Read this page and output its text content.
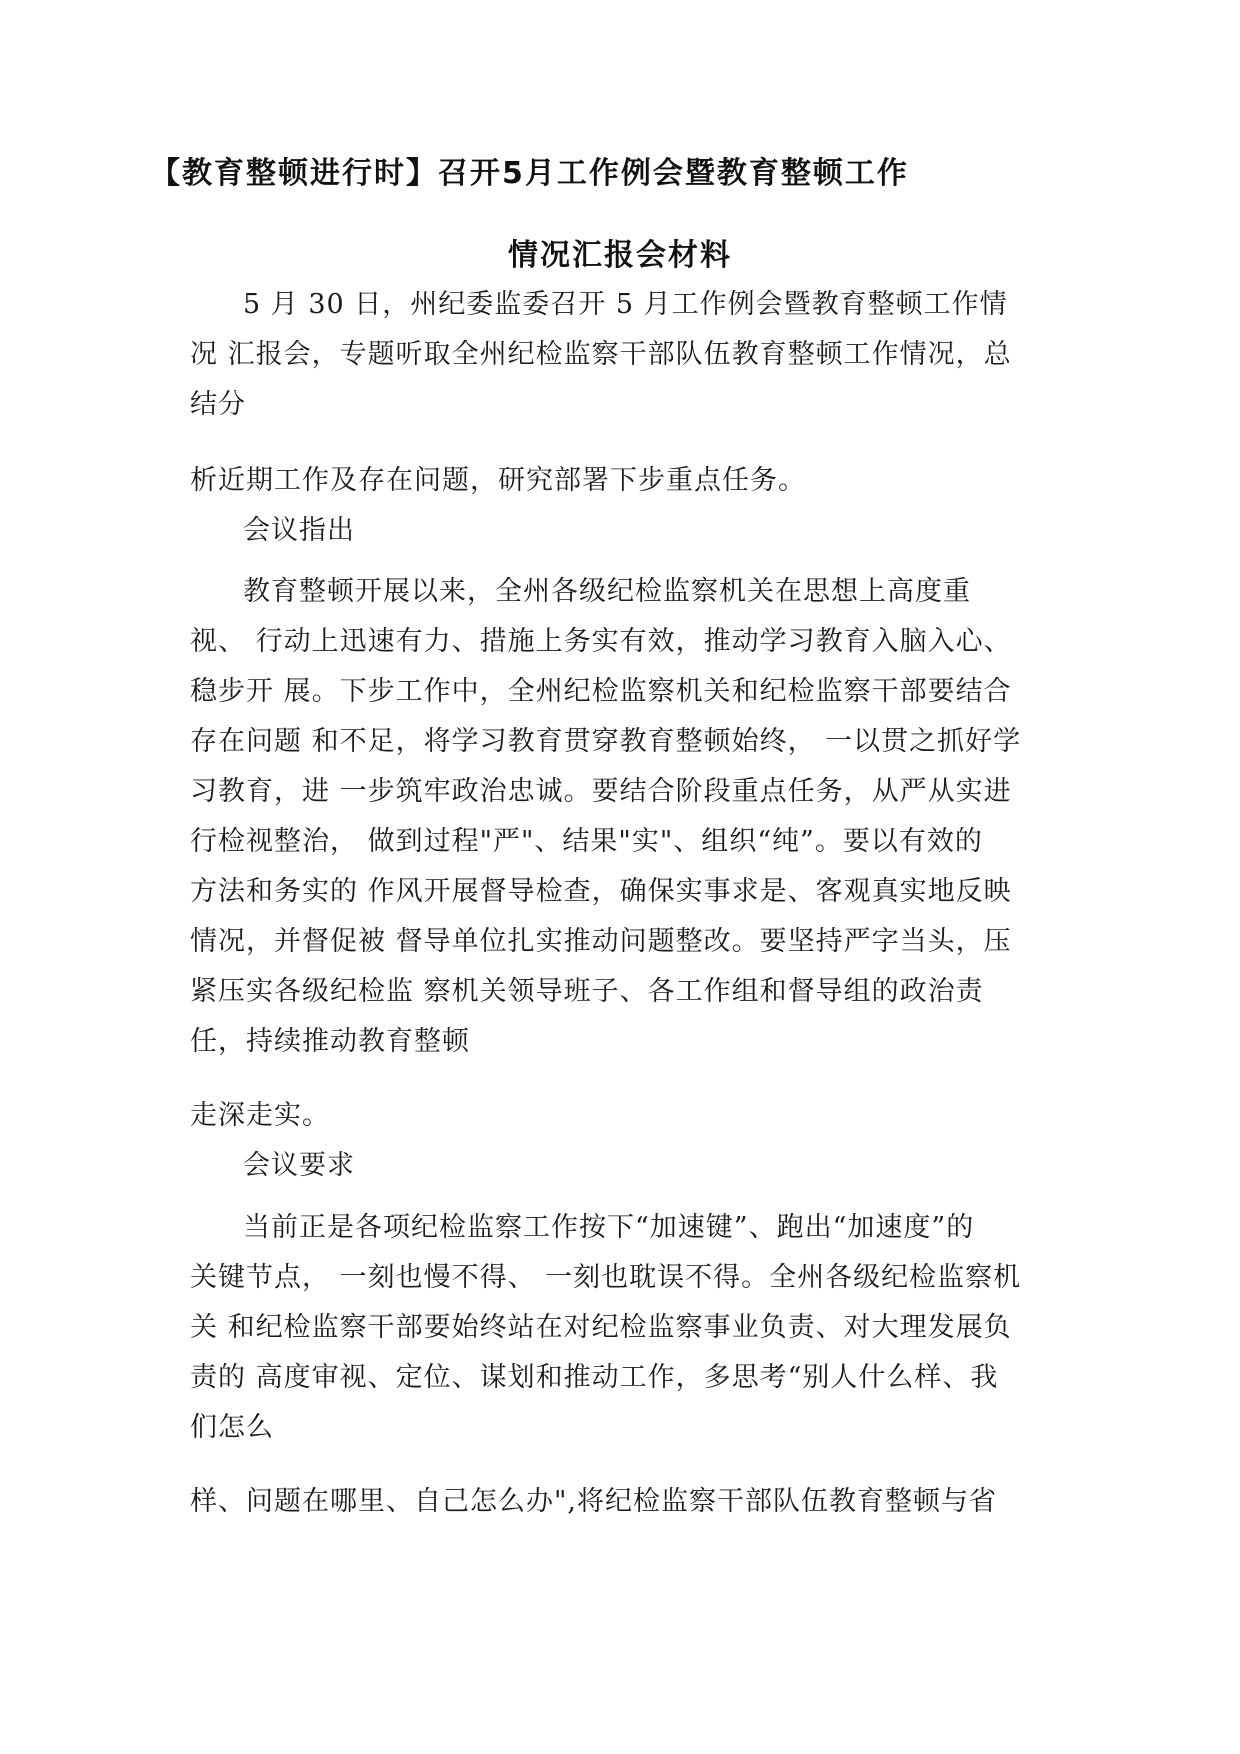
【教育整顿进行时】召开5月工作例会暨教育整顿工作
情况汇报会材料
5 月 30 日，州纪委监委召开 5 月工作例会暨教育整顿工作情
况 汇报会，专题听取全州纪检监察干部队伍教育整顿工作情况，总
结分
析近期工作及存在问题，研究部署下步重点任务。
会议指出
教育整顿开展以来，全州各级纪检监察机关在思想上高度重
视、 行动上迅速有力、措施上务实有效，推动学习教育入脑入心、
稳步开 展。下步工作中，全州纪检监察机关和纪检监察干部要结合
存在问题 和不足，将学习教育贯穿教育整顿始终， 一以贯之抓好学
习教育，进 一步筑牢政治忠诚。要结合阶段重点任务，从严从实进
行检视整治， 做到过程"严"、结果"实"、组织“纯”。要以有效的
方法和务实的 作风开展督导检查，确保实事求是、客观真实地反映
情况，并督促被 督导单位扎实推动问题整改。要坚持严字当头，压
紧压实各级纪检监 察机关领导班子、各工作组和督导组的政治责
任，持续推动教育整顿
走深走实。
会议要求
当前正是各项纪检监察工作按下“加速键”、跑出“加速度”的
关键节点， 一刻也慢不得、 一刻也耽误不得。全州各级纪检监察机
关 和纪检监察干部要始终站在对纪检监察事业负责、对大理发展负
责的 高度审视、定位、谋划和推动工作，多思考“别人什么样、我
们怎么
样、问题在哪里、自己怎么办",将纪检监察干部队伍教育整顿与省
